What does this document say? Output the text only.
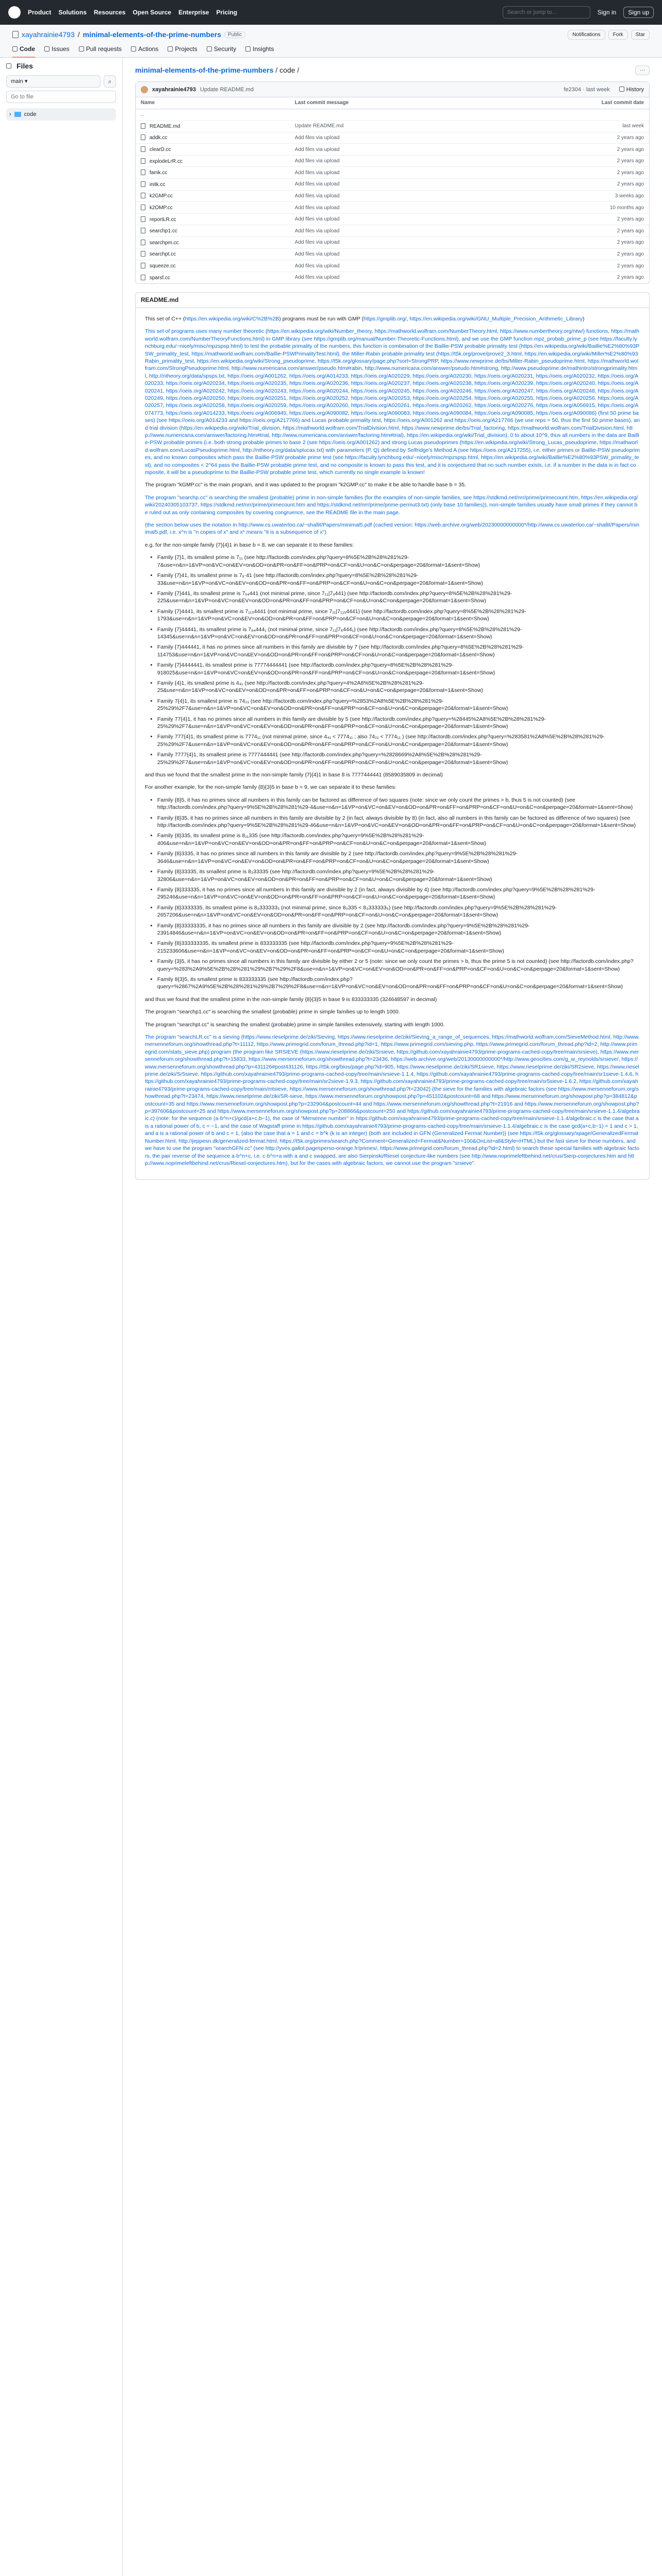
Product Solutions Resources Open Source Enterprise Pricing
Search or jump to...	Sign in	Sign up
xayahrainie4793 / minimal-elements-of-the-prime-numbers	Public	Notifications	Fork	Star
Code	Issues	Pull requests	Actions	Projects	Security	Insights
Files
main ▾	⌕
Go to file
› code
minimal-elements-of-the-prime-numbers / code /	···
xayahrainie4793 Update README.md	fe2304 · last week	History
Name	Last commit message	Last commit date
..		
README.md	Update README.md	last week
addk.cc	Add files via upload	2 years ago
clearD.cc	Add files via upload	2 years ago
explodeLrR.cc	Add files via upload	2 years ago
famk.cc	Add files via upload	2 years ago
initk.cc	Add files via upload	2 years ago
k2GMP.cc	Add files via upload	3 weeks ago
k2OMP.cc	Add files via upload	10 months ago
reportLR.cc	Add files via upload	2 years ago
searchp1.cc	Add files via upload	2 years ago
searchpm.cc	Add files via upload	2 years ago
searchpt.cc	Add files via upload	2 years ago
squeeze.cc	Add files via upload	2 years ago
sparsf.cc	Add files via upload	2 years ago
README.md

This set of C++ (https://en.wikipedia.org/wiki/C%2B%2B) programs must be run with GMP (https://gmplib.org/, https://en.wikipedia.org/wiki/GNU_Multiple_Precision_Arithmetic_Library)

This set of programs uses many number theoretic (https://en.wikipedia.org/wiki/Number_theory, https://mathworld.wolfram.com/NumberTheory.html, https://www.numbertheory.org/ntw/) functions, https://mathworld.wolfram.com/NumberTheoryFunctions.html) in GMP library (see https://gmplib.org/manual/Number-Theoretic-Functions.html), and we use the GMP function mpz_probab_prime_p (see https://faculty.lynchburg.edu/~nicely/misc/mpzspsp.html) to test the probable primality of the numbers, this function is combination of the Baillie-PSW probable primality test (https://en.wikipedia.org/wiki/Baillie%E2%80%93PSW_primality_test, https://mathworld.wolfram.com/Baillie-PSWPrimalityTest.html), the Miller-Rabin probable primality test (https://t5k.org/prove/prove2_3.html, https://en.wikipedia.org/wiki/Miller%E2%80%93Rabin_primality_test, https://en.wikipedia.org/wiki/Strong_pseudoprime, https://t5k.org/glossary/page.php?sort=StrongPRP, https://www.newprime.de/bs/Miller-Rabin_pseudoprime.html, https://mathworld.wolfram.com/StrongPseudoprime.html, http://www.numericana.com/answer/pseudo.htm#rabin, http://www.numericana.com/answer/pseudo.htm#strong, http://www.pseudoprime.de/mathintro/strongprimality.html, http://ntheory.org/data/spsps.txt, https://oeis.org/A001262, https://oeis.org/A014233, https://oeis.org/A020229, https://oeis.org/A020230, https://oeis.org/A020231, https://oeis.org/A020232, https://oeis.org/A020233, https://oeis.org/A020234, https://oeis.org/A020235, https://oeis.org/A020236, https://oeis.org/A020237, https://oeis.org/A020238, https://oeis.org/A020239, https://oeis.org/A020240, https://oeis.org/A020241, https://oeis.org/A020242, https://oeis.org/A020243, https://oeis.org/A020244, https://oeis.org/A020245, https://oeis.org/A020246, https://oeis.org/A020247, https://oeis.org/A020248, https://oeis.org/A020249, https://oeis.org/A020250, https://oeis.org/A020251, https://oeis.org/A020252, https://oeis.org/A020253, https://oeis.org/A020254, https://oeis.org/A020255, https://oeis.org/A020256, https://oeis.org/A020257, https://oeis.org/A020258, https://oeis.org/A020259, https://oeis.org/A020260, https://oeis.org/A020261, https://oeis.org/A020262, https://oeis.org/A020276, https://oeis.org/A056915, https://oeis.org/A074773, https://oeis.org/A014233, https://oeis.org/A006945, https://oeis.org/A090082, https://oeis.org/A090083, https://oeis.org/A090084, https://oeis.org/A090085, https://oeis.org/A090086) (first 50 prime bases) (see https://oeis.org/A014233 and https://oeis.org/A217766) and Lucas probable primality test, https://oeis.org/A001262 and https://oeis.org/A217766 (we use reps = 50, thus the first 50 prime bases), and trial division (https://en.wikipedia.org/wiki/Trial_division, https://mathworld.wolfram.com/TrialDivision.html, https://www.newprime.de/bs/Trial_factoring, https://mathworld.wolfram.com/TrialDivision.html, http://www.numericana.com/answer/factoring.htm#trial, http://www.numericana.com/answer/factoring.htm#trial), https://en.wikipedia.org/wiki/Trial_division), 0 to about 10^9, thus all numbers in the data are Baillie-PSW probable primes (i.e. both strong probable primes to base 2 (see https://oeis.org/A001262) and strong Lucas pseudoprimes (https://en.wikipedia.org/wiki/Strong_Lucas_pseudoprime, https://mathworld.wolfram.com/LucasPseudoprime.html, http://ntheory.org/data/splucas.txt) with parameters (P, Q) defined by Selfridge's Method A (see https://oeis.org/A217255), i.e. either primes or Baillie-PSW pseudoprimes, and no known composites which pass the Baillie-PSW probable prime test (see https://faculty.lynchburg.edu/~nicely/misc/mpzspsp.html, https://en.wikipedia.org/wiki/Baillie%E2%80%93PSW_primality_test), and no composites < 2^64 pass the Baillie-PSW probable prime test, and no composite is known to pass this test, and it is conjectured that no such number exists, i.e. if a number in the data is in fact composite, it will be a pseudoprime to the Baillie-PSW probable prime test, which currently no single example is known!

The program "kGMP.cc" is the main program, and it was updated to the program "k2GMP.cc" to make it be able to handle base b = 35.

The program "searchp.cc" is searching the smallest (probable) prime in non-simple families (for the examples of non-simple families, see https://stdkmd.net/nrr/prime/primecount.htm, https://en.wikipedia.org/wiki/20240305103737, https://stdkmd.net/nrr/prime/primecount.htm and https://stdkmd.net/nrr/prime/prime-permut3.txt) (only base 10 families)), non-simple families usually have small primes if they cannot be ruled out as only containing composites by covering congruence, see the README file in the main page.

(the section below uses the notation in http://www.cs.uwaterloo.ca/~shallit/Papers/minimal5.pdf (cached version: https://web.archive.org/web/20230000000000*/http://www.cs.uwaterloo.ca/~shallit/Papers/minimal5.pdf, i.e. x^n is "n copies of x" and x* means "it is a subsequence of x")

e.g. for the non-simple family {7}{4}1 in base b = 8, we can separate it to these families:

• Family {7}1, its smallest prime is 7₁₁ (see http://factordb.com/index.php?query=8%5E%2B%28%281%29-7&use=n&n=1&VP=on&VC=on&EV=on&OD=on&PR=on&FF=on&PRP=on&CF=on&U=on&C=on&perpage=20&format=1&sent=Show)
• Family {7}41, its smallest prime is 7₉·41 (see http://factordb.com/index.php?query=8%5E%2B%28%281%29-33&use=n&n=1&VP=on&VC=on&EV=on&OD=on&PR=on&FF=on&PRP=on&CF=on&U=on&C=on&perpage=20&format=1&sent=Show)
• Family {7}441, its smallest prime is 7₉₄441 (not minimal prime, since 7₁₁|7₉441) (see http://factordb.com/index.php?query=8%5E%2B%28%281%29-225&use=n&n=1&VP=on&VC=on&EV=on&OD=on&PR=on&FF=on&PRP=on&CF=on&U=on&C=on&perpage=20&format=1&sent=Show)
• Family {7}4441, its smallest prime is 7₁₁₅4441 (not minimal prime, since 7₁₁|7₁₁₅4441) (see http://factordb.com/index.php?query=8%5E%2B%28%281%29-1793&use=n&n=1&VP=on&VC=on&EV=on&OD=on&PR=on&FF=on&PRP=on&CF=on&U=on&C=on&perpage=20&format=1&sent=Show)
• Family {7}44441, its smallest prime is 7₈₄444₁ (not minimal prime, since 7₁₁|7₈444₁) (see http://factordb.com/index.php?query=8%5E%2B%28%281%29-14345&use=n&n=1&VP=on&VC=on&EV=on&OD=on&PR=on&FF=on&PRP=on&CF=on&U=on&C=on&perpage=20&format=1&sent=Show)
• Family {7}444441, it has no primes since all numbers in this family are divisible by 7 (see http://factordb.com/index.php?query=8%5E%2B%28%281%29-114753&use=n&n=1&VP=on&VC=on&EV=on&OD=on&PR=on&FF=on&PRP=on&CF=on&U=on&C=on&perpage=20&format=1&sent=Show)
• Family {7}4444441, its smallest prime is 77774444441 (see http://factordb.com/index.php?query=8%5E%2B%28%281%29-918025&use=n&n=1&VP=on&VC=on&EV=on&OD=on&PR=on&FF=on&PRP=on&CF=on&U=on&C=on&perpage=20&format=1&sent=Show)
• Family {4}1, its smallest prime is 4₄₁ (see http://factordb.com/index.php?query=4%2A8%5E%2B%28%281%29-25&use=n&n=1&VP=on&VC=on&EV=on&OD=on&PR=on&FF=on&PRP=on&CF=on&U=on&C=on&perpage=20&format=1&sent=Show)
• Family 7{4}1, its smallest prime is 74₂₁ (see http://factordb.com/index.php?query=%2853%2A8%5E%2B%28%281%29-25%29%2F7&use=n&n=1&VP=on&VC=on&EV=on&OD=on&PR=on&FF=on&PRP=on&CF=on&U=on&C=on&perpage=20&format=1&sent=Show)
• Family 77{4}1, it has no primes since all numbers in this family are divisible by 5 (see http://factordb.com/index.php?query=%28445%2A8%5E%2B%28%281%29-25%29%2F7&use=n&n=1&VP=on&VC=on&EV=on&OD=on&PR=on&FF=on&PRP=on&CF=on&U=on&C=on&perpage=20&format=1&sent=Show)
• Family 777{4}1, its smallest prime is 7774₁₁ (not minimal prime, since 4₄₁ < 7774₁₁ ; also 74₂₁ < 7774₁₁ ) (see http://factordb.com/index.php?query=%283581%2A8%5E%2B%28%281%29-25%29%2F7&use=n&n=1&VP=on&VC=on&EV=on&OD=on&PR=on&FF=on&PRP=on&CF=on&U=on&C=on&perpage=20&format=1&sent=Show)
• Family 7777{4}1, its smallest prime is 7777444441 (see http://factordb.com/index.php?query=%2828669%2A8%5E%2B%28%281%29-25%29%2F7&use=n&n=1&VP=on&VC=on&EV=on&OD=on&PR=on&FF=on&PRP=on&CF=on&U=on&C=on&perpage=20&format=1&sent=Show)

and thus we found that the smallest prime in the non-simple family {7}{4}1 in base 8 is 7777444441 (8589035809 in decimal)

For another example, for the non-simple family {8}{3}5 in base b = 9, we can separate it to these families:

• Family {8}5, it has no primes since all numbers in this family can be factored as difference of two squares (note: since we only count the primes > b, thus 5 is not counted) (see http://factordb.com/index.php?query=9%5E%2B%28%281%29-4&use=n&n=1&VP=on&VC=on&EV=on&OD=on&PR=on&FF=on&PRP=on&CF=on&U=on&C=on&perpage=20&format=1&sent=Show)
• Family {8}35, it has no primes since all numbers in this family are divisible by 2 (in fact, always divisible by 8) (in fact, also all numbers in this family can be factored as difference of two squares) (see http://factordb.com/index.php?query=9%5E%2B%28%281%29-46&use=n&n=1&VP=on&VC=on&EV=on&OD=on&PR=on&FF=on&PRP=on&CF=on&U=on&C=on&perpage=20&format=1&sent=Show)
• Family {8}335, its smallest prime is 8₁₁335 (see http://factordb.com/index.php?query=9%5E%2B%28%281%29-406&use=n&n=1&VP=on&VC=on&EV=on&OD=on&PR=on&FF=on&PRP=on&CF=on&U=on&C=on&perpage=20&format=1&sent=Show)
• Family {8}3335, it has no primes since all numbers in this family are divisible by 2 (see http://factordb.com/index.php?query=9%5E%2B%28%281%29-3646&use=n&n=1&VP=on&VC=on&EV=on&OD=on&PR=on&FF=on&PRP=on&CF=on&U=on&C=on&perpage=20&format=1&sent=Show)
• Family {8}33335, its smallest prime is 8₃33335 (see http://factordb.com/index.php?query=9%5E%2B%28%281%29-32806&use=n&n=1&VP=on&VC=on&EV=on&OD=on&PR=on&FF=on&PRP=on&CF=on&U=on&C=on&perpage=20&format=1&sent=Show)
• Family {8}333335, it has no primes since all numbers in this family are divisible by 2 (in fact, always divisible by 4) (see http://factordb.com/index.php?query=9%5E%2B%28%281%29-295246&use=n&n=1&VP=on&VC=on&EV=on&OD=on&PR=on&FF=on&PRP=on&CF=on&U=on&C=on&perpage=20&format=1&sent=Show)
• Family {8}3333335, its smallest prime is 8₃333333₅ (not minimal prime, since 8₃335 < 8₃333333₅) (see http://factordb.com/index.php?query=9%5E%2B%28%281%29-2657206&use=n&n=1&VP=on&VC=on&EV=on&OD=on&PR=on&FF=on&PRP=on&CF=on&U=on&C=on&perpage=20&format=1&sent=Show)
• Family {8}33333335, it has no primes since all numbers in this family are divisible by 2 (see http://factordb.com/index.php?query=9%5E%2B%28%281%29-23914846&use=n&n=1&VP=on&VC=on&EV=on&OD=on&PR=on&FF=on&PRP=on&CF=on&U=on&C=on&perpage=20&format=1&sent=Show)
• Family {8}333333335, its smallest prime is 833333335 (see http://factordb.com/index.php?query=9%5E%2B%28%281%29-215233606&use=n&n=1&VP=on&VC=on&EV=on&OD=on&PR=on&FF=on&PRP=on&CF=on&U=on&C=on&perpage=20&format=1&sent=Show)
• Family {3}5, it has no primes since all numbers in this family are divisible by either 2 or 5 (note: since we only count the primes > b, thus the prime 5 is not counted) (see http://factordb.com/index.php?query=%283%2A9%5E%2B%28%281%29%2B7%29%2F8&use=n&n=1&VP=on&VC=on&EV=on&OD=on&PR=on&FF=on&PRP=on&CF=on&U=on&C=on&perpage=20&format=1&sent=Show)
• Family 8{3}5, its smallest prime is 833333335 (see http://factordb.com/index.php?query=%2867%2A9%5E%2B%28%281%29%2B7%29%2F8&use=n&n=1&VP=on&VC=on&EV=on&OD=on&PR=on&FF=on&PRP=on&CF=on&U=on&C=on&perpage=20&format=1&sent=Show)

and thus we found that the smallest prime in the non-simple family {8}{3}5 in base 9 is 833333335 (324648597 in decimal)

The program "searchp1.cc" is searching the smallest (probable) prime in simple families up to length 1000.

The program "searchpt.cc" is searching the smallest (probable) prime in simple families extensively, starting with length 1000.

The program "searchLR.cc" is a sieving (https://www.rieselprime.de/ziki/Sieving, https://www.rieselprime.de/ziki/Sieving_a_range_of_sequences, https://mathworld.wolfram.com/SieveMethod.html, http://www.mersenneforum.org/showthread.php?t=11112, https://www.primegrid.com/forum_thread.php?id=1, https://www.primegrid.com/sieving.php, https://www.primegrid.com/forum_thread.php?id=2, http://www.primegrid.com/stats_sieve.php) program (the program like SRSIEVE (https://www.rieselprime.de/ziki/Srsieve, https://github.com/xayahrainie4793/prime-programs-cached-copy/tree/main/srsieve), https://www.mersenneforum.org/showthread.php?t=15833, https://www.mersenneforum.org/showthread.php?t=23436, https://web.archive.org/web/20130000000000*/http://www.geocities.com/g_w_reynolds/srsieve/, https://www.mersenneforum.org/showthread.php?p=431126#post431126, https://t5k.org/bios/page.php?id=905, https://www.rieselprime.de/ziki/SR1sieve, https://www.rieselprime.de/ziki/SR2sieve, https://www.rieselprime.de/ziki/Sr5sieve, https://github.com/xayahrainie4793/prime-programs-cached-copy/tree/main/srsieve-1.1.4, https://github.com/xayahrainie4793/prime-programs-cached-copy/tree/main/sr1sieve-1.4.6, https://github.com/xayahrainie4793/prime-programs-cached-copy/tree/main/sr2sieve-1.9.3, https://github.com/xayahrainie4793/prime-programs-cached-copy/tree/main/sr5sieve-1.6.2, https://github.com/xayahrainie4793/prime-programs-cached-copy/tree/main/mtsieve, https://www.mersenneforum.org/showthread.php?t=23042) (the sieve for the families with algebraic factors (see https://www.mersenneforum.org/showthread.php?t=23474, https://www.rieselprime.de/ziki/SR-sieve, https://www.mersenneforum.org/showpost.php?p=451102&postcount=68 and https://www.mersenneforum.org/showpost.php?p=384812&postcount=35 and https://www.mersenneforum.org/showpost.php?p=232904&postcount=44 and https://www.mersenneforum.org/showthread.php?t=21916 and https://www.mersenneforum.org/showpost.php?p=397606&postcount=25 and https://www.mersenneforum.org/showpost.php?p=208866&postcount=250 and https://github.com/xayahrainie4793/prime-programs-cached-copy/tree/main/srsieve-1.1.4/algebraic.c) (note: for the sequence (a·b^n+c)/gcd(a+c,b−1), the case of "Mersenne number" in https://github.com/xayahrainie4793/prime-programs-cached-copy/tree/main/srsieve-1.1.4/algebraic.c is the case that a is a rational power of b, c = −1, and the case of Wagstaff prime in https://github.com/xayahrainie4793/prime-programs-cached-copy/tree/main/srsieve-1.1.4/algebraic.c is the case gcd(a+c,b−1) = 1 and c > 1, and a is a rational power of b and c = 1, (also the case that a = 1 and c = b^k (k is an integer) (both are included in GFN (Generalized Fermat Number)) (see https://t5k.org/glossary/xpage/GeneralizedFermatNumber.html, http://jeppesn.dk/generalized-fermat.html, https://t5k.org/primes/search.php?Comment=Generalized+Fermat&Number=100&OnList=all&Style=HTML) but the fast sieve for these numbers, and we have to use the program "searchGFN.cc" (see http://yves.gallot.pagesperso-orange.fr/primes/, https://www.primegrid.com/forum_thread.php?id=2.html) to search these special families with algebraic factors, the pair reverse of the sequence a·b^n+c, i.e. c·b^n+a with a and c swapped, are also Sierpinski/Riesel conjecture-like numbers (see http://www.noprimeleftbehind.net/crus/Sierp-conjectures.htm and http://www.noprimeleftbehind.net/crus/Riesel-conjectures.htm), but for the cases with algebraic factors, we cannot use the program "srsieve".
